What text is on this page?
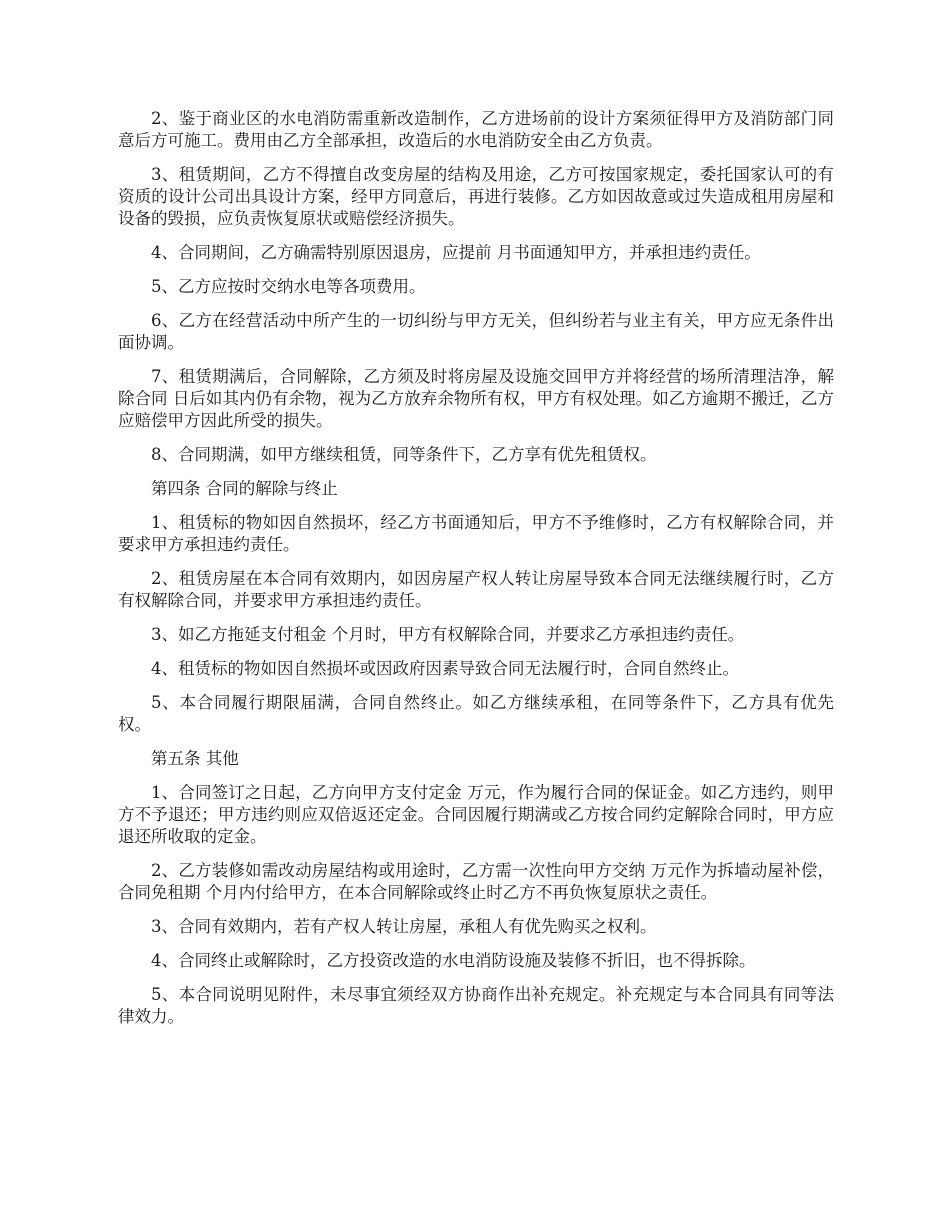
2、鉴于商业区的水电消防需重新改造制作，乙方进场前的设计方案须征得甲方及消防部门同意后方可施工。费用由乙方全部承担，改造后的水电消防安全由乙方负责。

3、租赁期间，乙方不得擅自改变房屋的结构及用途，乙方可按国家规定，委托国家认可的有资质的设计公司出具设计方案，经甲方同意后，再进行装修。乙方如因故意或过失造成租用房屋和设备的毁损，应负责恢复原状或赔偿经济损失。

4、合同期间，乙方确需特别原因退房，应提前 月书面通知甲方，并承担违约责任。

5、乙方应按时交纳水电等各项费用。

6、乙方在经营活动中所产生的一切纠纷与甲方无关，但纠纷若与业主有关，甲方应无条件出面协调。

7、租赁期满后，合同解除，乙方须及时将房屋及设施交回甲方并将经营的场所清理洁净，解除合同 日后如其内仍有余物，视为乙方放弃余物所有权，甲方有权处理。如乙方逾期不搬迁，乙方应赔偿甲方因此所受的损失。

8、合同期满，如甲方继续租赁，同等条件下，乙方享有优先租赁权。

第四条 合同的解除与终止

1、租赁标的物如因自然损坏，经乙方书面通知后，甲方不予维修时，乙方有权解除合同，并要求甲方承担违约责任。

2、租赁房屋在本合同有效期内，如因房屋产权人转让房屋导致本合同无法继续履行时，乙方有权解除合同，并要求甲方承担违约责任。

3、如乙方拖延支付租金 个月时，甲方有权解除合同，并要求乙方承担违约责任。

4、租赁标的物如因自然损坏或因政府因素导致合同无法履行时，合同自然终止。

5、本合同履行期限届满，合同自然终止。如乙方继续承租，在同等条件下，乙方具有优先权。

第五条 其他

1、合同签订之日起，乙方向甲方支付定金 万元，作为履行合同的保证金。如乙方违约，则甲方不予退还；甲方违约则应双倍返还定金。合同因履行期满或乙方按合同约定解除合同时，甲方应退还所收取的定金。

2、乙方装修如需改动房屋结构或用途时，乙方需一次性向甲方交纳 万元作为拆墙动屋补偿，合同免租期 个月内付给甲方，在本合同解除或终止时乙方不再负恢复原状之责任。

3、合同有效期内，若有产权人转让房屋，承租人有优先购买之权利。

4、合同终止或解除时，乙方投资改造的水电消防设施及装修不折旧，也不得拆除。

5、本合同说明见附件，未尽事宜须经双方协商作出补充规定。补充规定与本合同具有同等法律效力。
